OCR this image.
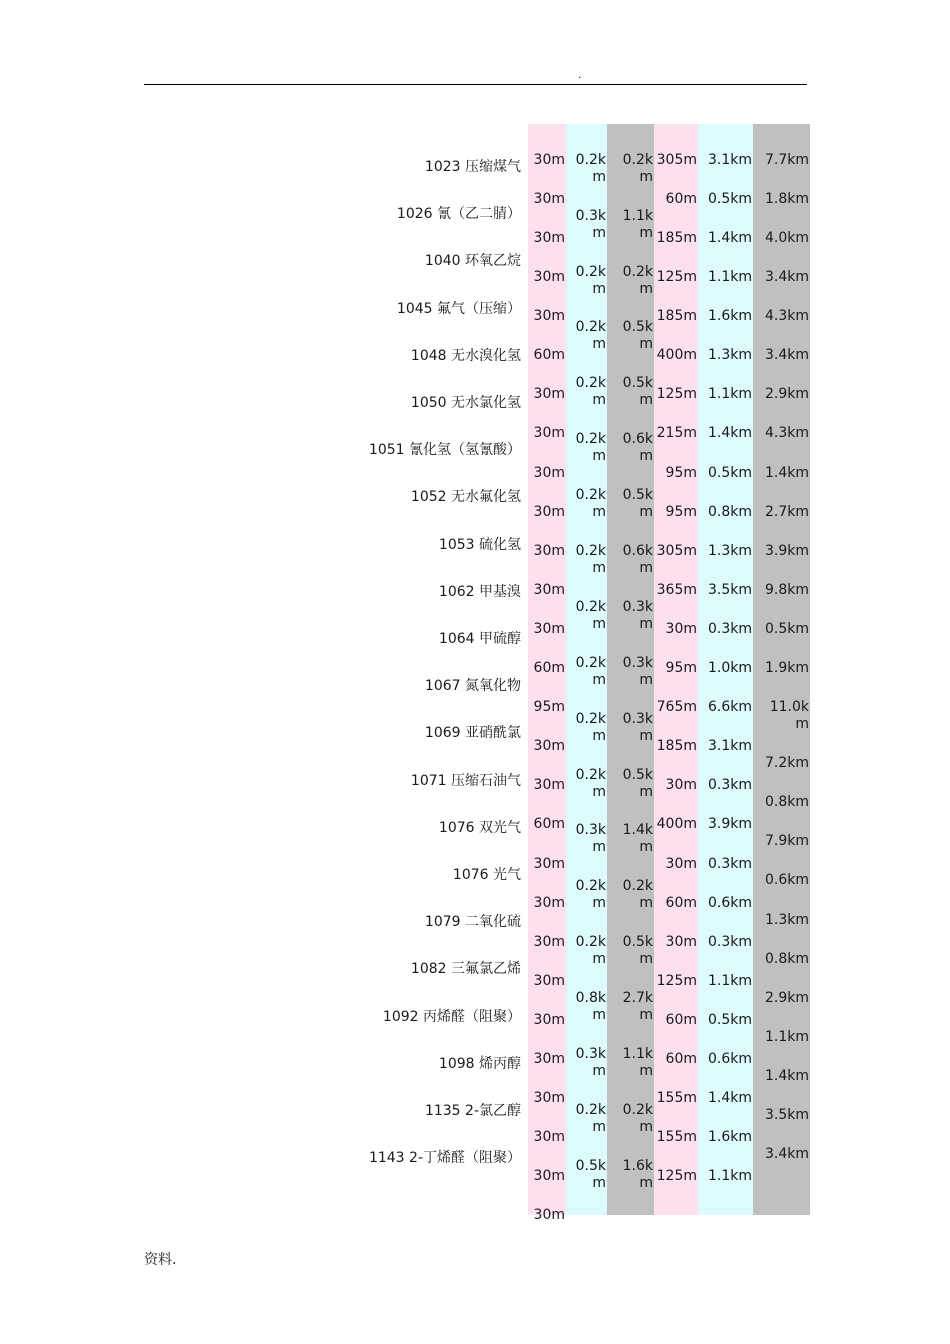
.
1023 压缩煤气
1026 氰（乙二腈）
1040 环氧乙烷
1045 氟气（压缩）
1048 无水溴化氢
1050 无水氯化氢
1051 氰化氢（氢氰酸）
1052 无水氟化氢
1053 硫化氢
1062 甲基溴
1064 甲硫醇
1067 氮氧化物
1069 亚硝酰氯
1071 压缩石油气
1076 双光气
1076 光气
1079 二氧化硫
1082 三氟氯乙烯
1092 丙烯醛（阻聚）
1098 烯丙醇
1135 2-氯乙醇
1143 2-丁烯醛（阻聚）
30m
30m
30m
30m
30m
60m
30m
30m
30m
30m
30m
30m
30m
60m
95m
30m
30m
60m
30m
30m
30m
30m
30m
30m
30m
30m
30m
30m
0.2k
m
0.3k
m
0.2k
m
0.2k
m
0.2k
m
0.2k
m
0.2k
m
0.2k
m
0.2k
m
0.2k
m
0.2k
m
0.2k
m
0.3k
m
0.2k
m
0.2k
m
0.8k
m
0.3k
m
0.2k
m
0.5k
m
0.2k
m
1.1k
m
0.2k
m
0.5k
m
0.5k
m
0.6k
m
0.5k
m
0.6k
m
0.3k
m
0.3k
m
0.3k
m
0.5k
m
1.4k
m
0.2k
m
0.5k
m
2.7k
m
1.1k
m
0.2k
m
1.6k
m
305m
60m
185m
125m
185m
400m
125m
215m
95m
95m
305m
365m
30m
95m
765m
185m
30m
400m
30m
60m
30m
125m
60m
60m
155m
155m
125m
3.1km
0.5km
1.4km
1.1km
1.6km
1.3km
1.1km
1.4km
0.5km
0.8km
1.3km
3.5km
0.3km
1.0km
6.6km
3.1km
0.3km
3.9km
0.3km
0.6km
0.3km
1.1km
0.5km
0.6km
1.4km
1.6km
1.1km
7.7km
1.8km
4.0km
3.4km
4.3km
3.4km
2.9km
4.3km
1.4km
2.7km
3.9km
9.8km
0.5km
1.9km
11.0k
m
7.2km
0.8km
7.9km
0.6km
1.3km
0.8km
2.9km
1.1km
1.4km
3.5km
3.4km
资料.
